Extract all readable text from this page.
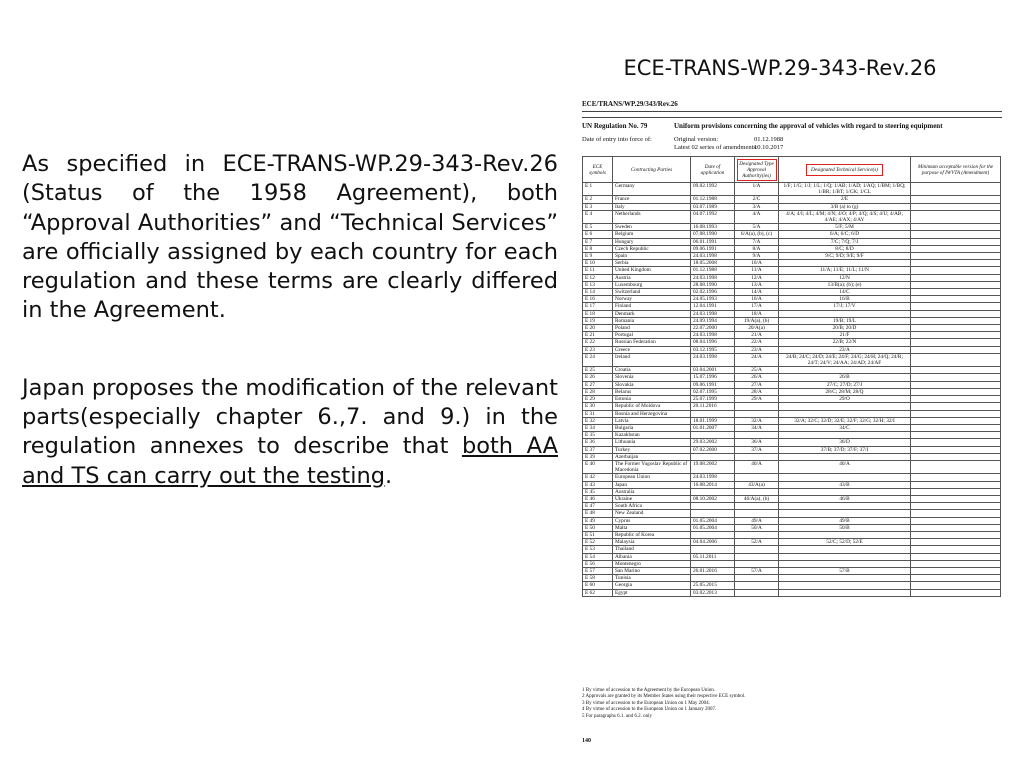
ECE-TRANS-WP.29-343-Rev.26

As specified in ECE-TRANS-WP.29-343-Rev.26 (Status of the 1958 Agreement), both “Approval Authorities” and “Technical Services” are officially assigned by each country for each regulation and these terms are clearly differed in the Agreement.

Japan proposes the modification of the relevant parts(especially chapter 6.,7. and 9.) in the regulation annexes to describe that both AA and TS can carry out the testing.

ECE/TRANS/WP.29/343/Rev.26
UN Regulation No. 79	Uniform provisions concerning the approval of vehicles with regard to steering equipment
Date of entry into force of:	Original version:	01.12.1988
Latest 02 series of amendments:
10.10.2017
ECE symbols	Contracting Parties	Date of application	Designated Type Approval Authority(ies)	Designated Technical Service(s)	Minimum acceptable version for the purpose of IWVTA (Amendment)
E 1	Germany	09.02.1992	1/A	1/F; 1/G; 1/J; 1/L; 1/Q; 1/AB; 1/AD; 1/AQ; 1/BM; 1/BQ; 1/BR; 1/BT; 1/CK; 1/CL	
E 2	France	01.12.1988	2/C	2/E	
E 3	Italy	03.07.1989	3/A	3/B (a) to (g)	
E 4	Netherlands	04.07.1992	4/A	4/A; 4/I; 4/L; 4/M; 4/N; 4/O; 4/P; 4/Q; 4/S; 4/U; 4/AB; 4/AE; 4/AX; 4/AY	
E 5	Sweden	16.08.1993	5/A	5/F; 5/M	
E 6	Belgium	07.08.1990	6/A(a), (b), (c)	6/A; 6/C; 6/D	
E 7	Hungary	06.01.1991	7/A	7/C; 7/Q; 7/J	
E 8	Czech Republic	09.06.1991	8/A	8/C; 8/D	
E 9	Spain	24.03.1998	9/A	9/C; 9/D; 9/E; 9/F	
E 10	Serbia	18.05.2008	10/A		
E 11	United Kingdom	01.12.1988	11/A	11/A; 11/E; 11/L; 11/N	
E 12	Austria	24.03.1998	12/A	12/N	
E 13	Luxembourg	28.08.1990	13/A	13/B(a); (b); (e)	
E 14	Switzerland	02.02.1996	14/A	14/C	
E 16	Norway	24.05.1993	16/A	16/B	
E 17	Finland	12.04.1991	17/A	17/J; 17/V	
E 18	Denmark	24.03.1998	18/A		
E 19	Romania	24.09.1994	19/A(a), (b)	19/B; 19/L	
E 20	Poland	22.07.2000	20/A(a)	20/B; 20/D	
E 21	Portugal	24.03.1998	21/A	21/F	
E 22	Russian Federation	08.04.1996	22/A	22/B; 22/N	
E 23	Greece	03.12.1995	23/A	23/A	
E 24	Ireland	24.03.1998	24/A	24/B; 24/C; 24/D; 24/E; 24/F; 24/G; 24/H; 24/Q; 24/R; 24/T; 24/V; 24/AA; 24/AD; 24/AF	
E 25	Croatia	03.04.2001	25/A		
E 26	Slovenia	15.07.1996	26/A	26/B	
E 27	Slovakia	09.06.1991	27/A	27/C; 27/D; 27/J	
E 28	Belarus	02.07.1995	28/A	28/C; 28/M; 28/Q	
E 29	Estonia	25.07.1999	29/A	29/O	
E 30	Republic of Moldova	20.11.2016			
E 31	Bosnia and Herzegovina				
E 32	Latvia	18.01.1999	32/A	32/A; 32/C; 32/D; 32/E; 32/F; 32/G; 32/H; 32/I	
E 34	Bulgaria	01.01.2007	34/A	34/C	
E 35	Kazakhstan				
E 36	Lithuania	29.03.2002	36/A	36/D	
E 37	Turkey	07.02.2000	37/A	37/B; 37/D; 37/F; 37/I	
E 39	Azerbaijan				
E 40	The Former Yugoslav Republic of Macedonia	19.08.2002	40/A	40/A	
E 42	European Union	24.03.1998			
E 43	Japan	16.08.2014	43/A(a)	43/B	
E 45	Australia				
E 46	Ukraine	08.10.2002	46/A(a), (b)	46/B	
E 47	South Africa				
E 48	New Zealand				
E 49	Cyprus	01.05.2004	49/A	49/B	
E 50	Malta	01.05.2004	50/A	50/B	
E 51	Republic of Korea				
E 52	Malaysia	04.04.2006	52/A	52/C; 52/D; 52/E	
E 53	Thailand				
E 54	Albania	05.11.2011			
E 56	Montenegro				
E 57	San Marino	26.01.2016	57/A	57/B	
E 58	Tunisia				
E 60	Georgia	25.05.2015			
E 62	Egypt	03.02.2013			
1 By virtue of accession to the Agreement by the European Union.
2 Approvals are granted by its Member States using their respective ECE symbol.
3 By virtue of accession to the European Union on 1 May 2004.
4 By virtue of accession to the European Union on 1 January 2007.
5 For paragraphs 6.1. and 6.2. only
140
